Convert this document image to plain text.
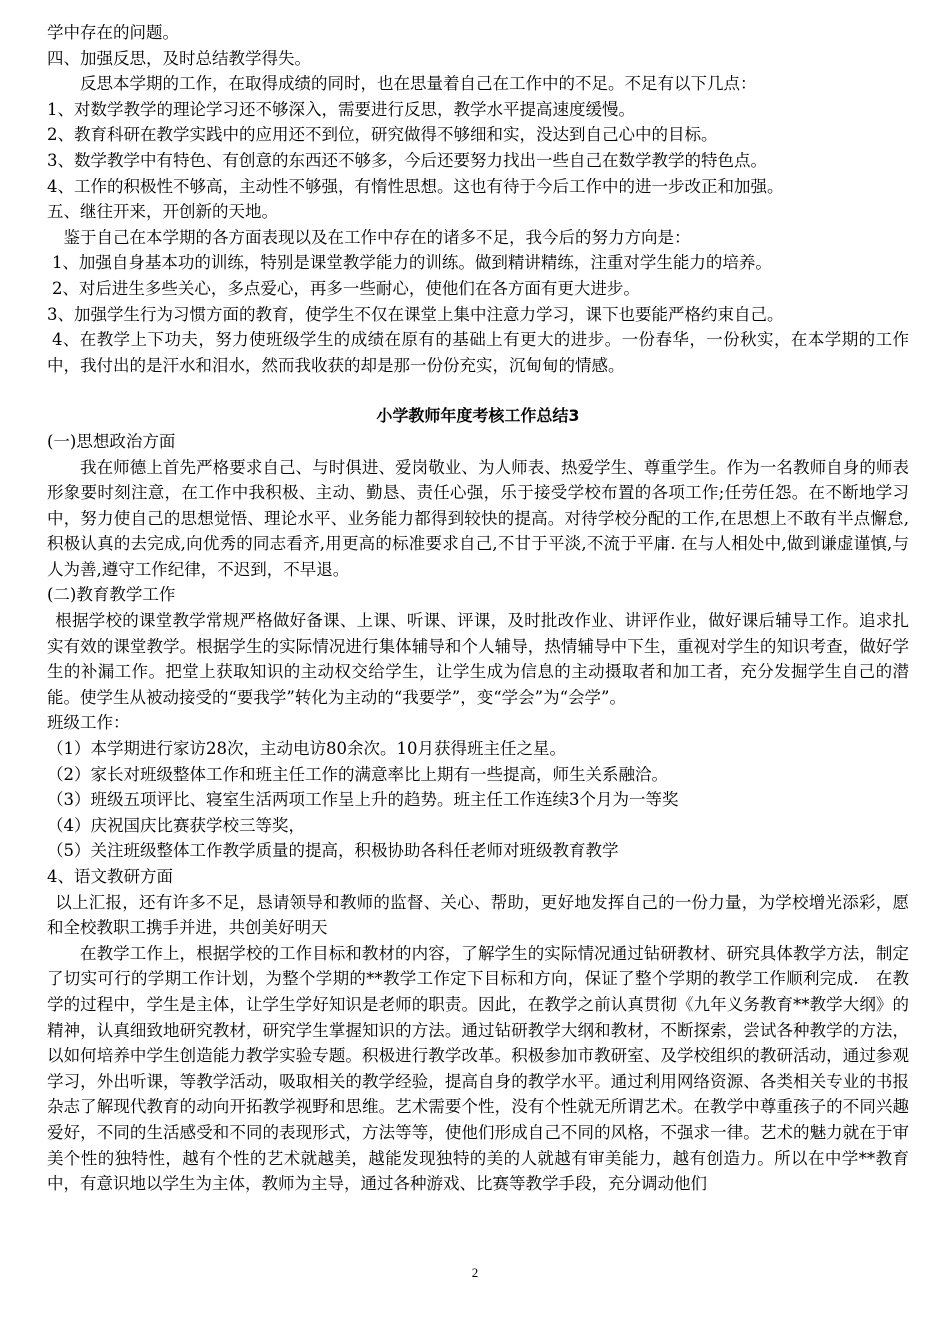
学中存在的问题。

四、加强反思，及时总结教学得失。

反思本学期的工作，在取得成绩的同时，也在思量着自己在工作中的不足。不足有以下几点：

1、对数学教学的理论学习还不够深入，需要进行反思，教学水平提高速度缓慢。

2、教育科研在教学实践中的应用还不到位，研究做得不够细和实，没达到自己心中的目标。

3、数学教学中有特色、有创意的东西还不够多，今后还要努力找出一些自己在数学教学的特色点。

4、工作的积极性不够高，主动性不够强，有惰性思想。这也有待于今后工作中的进一步改正和加强。

五、继往开来，开创新的天地。

鉴于自己在本学期的各方面表现以及在工作中存在的诸多不足，我今后的努力方向是：

1、加强自身基本功的训练，特别是课堂教学能力的训练。做到精讲精练，注重对学生能力的培养。

2、对后进生多些关心，多点爱心，再多一些耐心，使他们在各方面有更大进步。

3、加强学生行为习惯方面的教育，使学生不仅在课堂上集中注意力学习，课下也要能严格约束自己。

4、在教学上下功夫，努力使班级学生的成绩在原有的基础上有更大的进步。一份春华，一份秋实，在本学期的工作中，我付出的是汗水和泪水，然而我收获的却是那一份份充实，沉甸甸的情感。

小学教师年度考核工作总结3

(一)思想政治方面

我在师德上首先严格要求自己、与时俱进、爱岗敬业、为人师表、热爱学生、尊重学生。作为一名教师自身的师表形象要时刻注意，在工作中我积极、主动、勤恳、责任心强，乐于接受学校布置的各项工作;任劳任怨。在不断地学习中，努力使自己的思想觉悟、理论水平、业务能力都得到较快的提高。对待学校分配的工作,在思想上不敢有半点懈怠,积极认真的去完成,向优秀的同志看齐,用更高的标准要求自己,不甘于平淡,不流于平庸. 在与人相处中,做到谦虚谨慎,与人为善,遵守工作纪律，不迟到，不早退。

(二)教育教学工作

根据学校的课堂教学常规严格做好备课、上课、听课、评课，及时批改作业、讲评作业，做好课后辅导工作。追求扎实有效的课堂教学。根据学生的实际情况进行集体辅导和个人辅导，热情辅导中下生，重视对学生的知识考查，做好学生的补漏工作。把堂上获取知识的主动权交给学生，让学生成为信息的主动摄取者和加工者，充分发掘学生自己的潜能。使学生从被动接受的“要我学”转化为主动的“我要学”，变“学会”为“会学”。

班级工作：

（1）本学期进行家访28次，主动电访80余次。10月获得班主任之星。

（2）家长对班级整体工作和班主任工作的满意率比上期有一些提高，师生关系融洽。

（3）班级五项评比、寝室生活两项工作呈上升的趋势。班主任工作连续3个月为一等奖

（4）庆祝国庆比赛获学校三等奖，

（5）关注班级整体工作教学质量的提高，积极协助各科任老师对班级教育教学

4、语文教研方面

以上汇报，还有许多不足，恳请领导和教师的监督、关心、帮助，更好地发挥自己的一份力量，为学校增光添彩，愿和全校教职工携手并进，共创美好明天

在教学工作上，根据学校的工作目标和教材的内容，了解学生的实际情况通过钻研教材、研究具体教学方法，制定了切实可行的学期工作计划，为整个学期的**教学工作定下目标和方向，保证了整个学期的教学工作顺利完成.　在教学的过程中，学生是主体，让学生学好知识是老师的职责。因此，在教学之前认真贯彻《九年义务教育**教学大纲》的精神，认真细致地研究教材，研究学生掌握知识的方法。通过钻研教学大纲和教材，不断探索，尝试各种教学的方法，以如何培养中学生创造能力教学实验专题。积极进行教学改革。积极参加市教研室、及学校组织的教研活动，通过参观学习，外出听课，等教学活动，吸取相关的教学经验，提高自身的教学水平。通过利用网络资源、各类相关专业的书报杂志了解现代教育的动向开拓教学视野和思维。艺术需要个性，没有个性就无所谓艺术。在教学中尊重孩子的不同兴趣爱好，不同的生活感受和不同的表现形式，方法等等，使他们形成自己不同的风格，不强求一律。艺术的魅力就在于审美个性的独特性，越有个性的艺术就越美，越能发现独特的美的人就越有审美能力，越有创造力。所以在中学**教育中，有意识地以学生为主体，教师为主导，通过各种游戏、比赛等教学手段，充分调动他们

2
